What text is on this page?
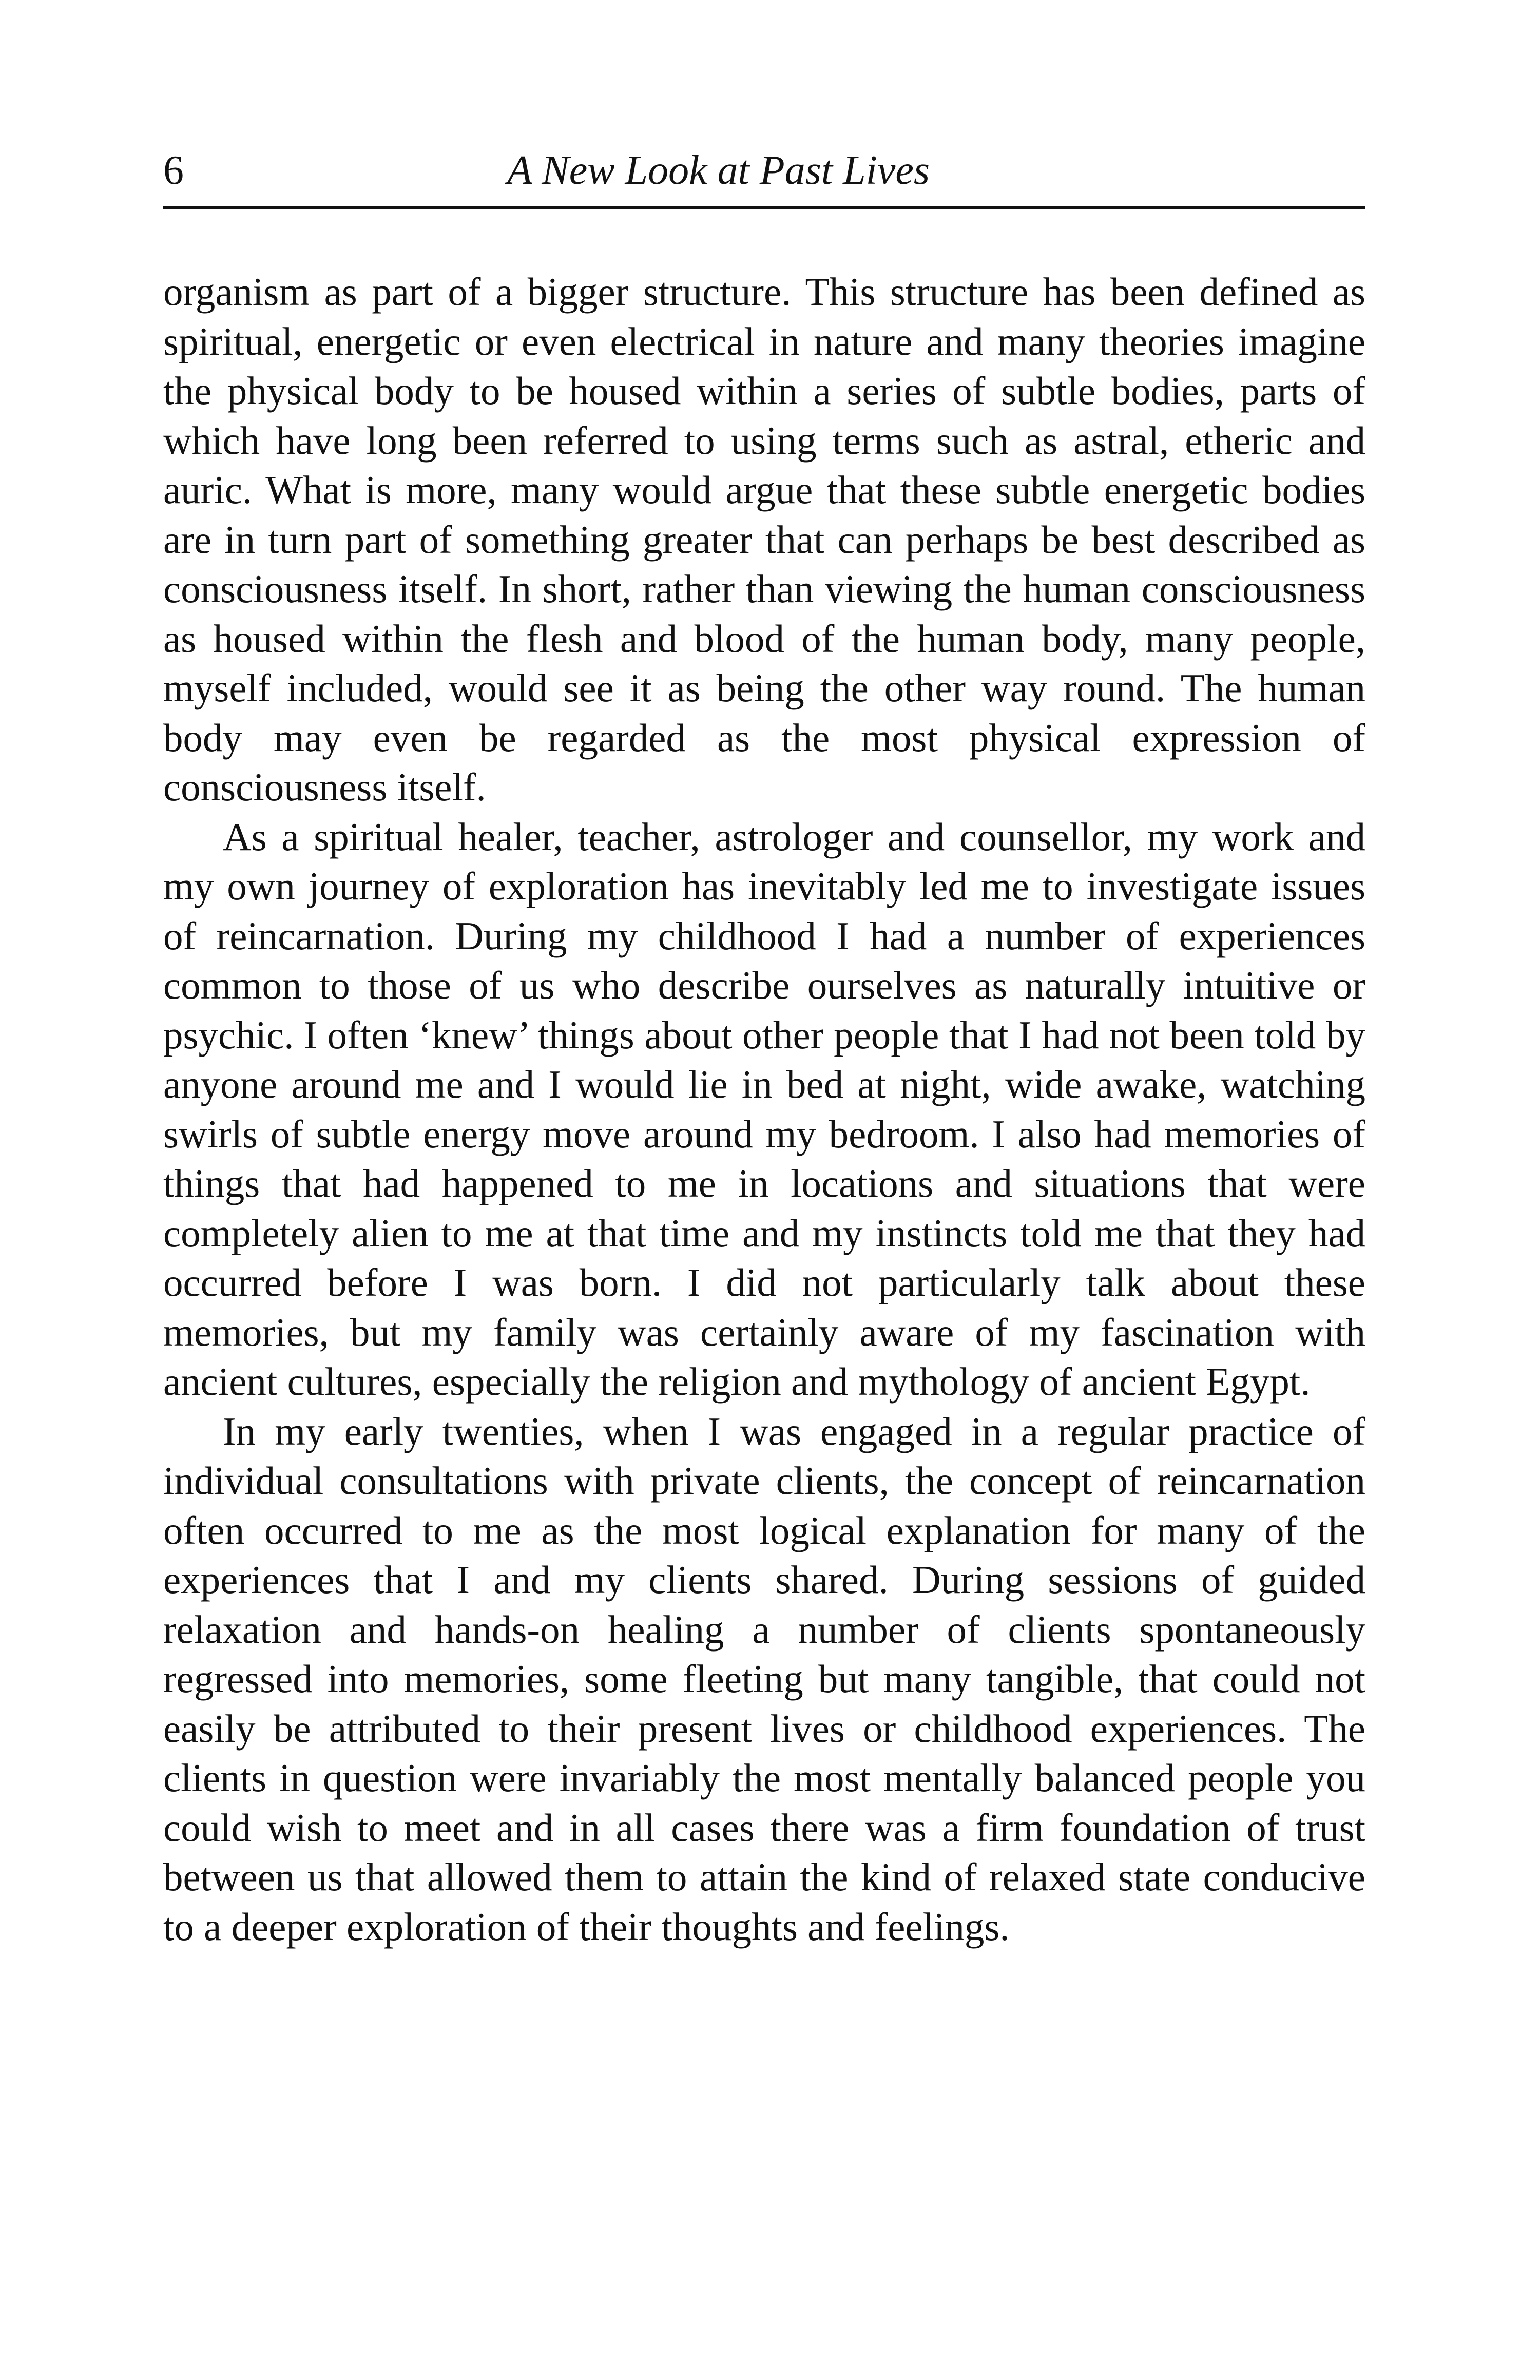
6	A New Look at Past Lives

organism as part of a bigger structure. This structure has been defined as spiritual, energetic or even electrical in nature and many theories imagine the physical body to be housed within a series of subtle bodies, parts of which have long been referred to using terms such as astral, etheric and auric. What is more, many would argue that these subtle energetic bodies are in turn part of something greater that can perhaps be best described as consciousness itself. In short, rather than viewing the human consciousness as housed within the flesh and blood of the human body, many people, myself included, would see it as being the other way round. The human body may even be regarded as the most physical expression of consciousness itself.

As a spiritual healer, teacher, astrologer and counsellor, my work and my own journey of exploration has inevitably led me to investigate issues of reincarnation. During my childhood I had a number of experiences common to those of us who describe ourselves as naturally intuitive or psychic. I often ‘knew’ things about other people that I had not been told by anyone around me and I would lie in bed at night, wide awake, watching swirls of subtle energy move around my bedroom. I also had memories of things that had happened to me in locations and situations that were completely alien to me at that time and my instincts told me that they had occurred before I was born. I did not particularly talk about these memories, but my family was certainly aware of my fascination with ancient cultures, especially the religion and mythology of ancient Egypt.

In my early twenties, when I was engaged in a regular practice of individual consultations with private clients, the concept of reincarnation often occurred to me as the most logical explanation for many of the experiences that I and my clients shared. During sessions of guided relaxation and hands-on healing a number of clients spontaneously regressed into memories, some fleeting but many tangible, that could not easily be attributed to their present lives or childhood experiences. The clients in question were invariably the most mentally balanced people you could wish to meet and in all cases there was a firm foundation of trust between us that allowed them to attain the kind of relaxed state conducive to a deeper exploration of their thoughts and feelings.
